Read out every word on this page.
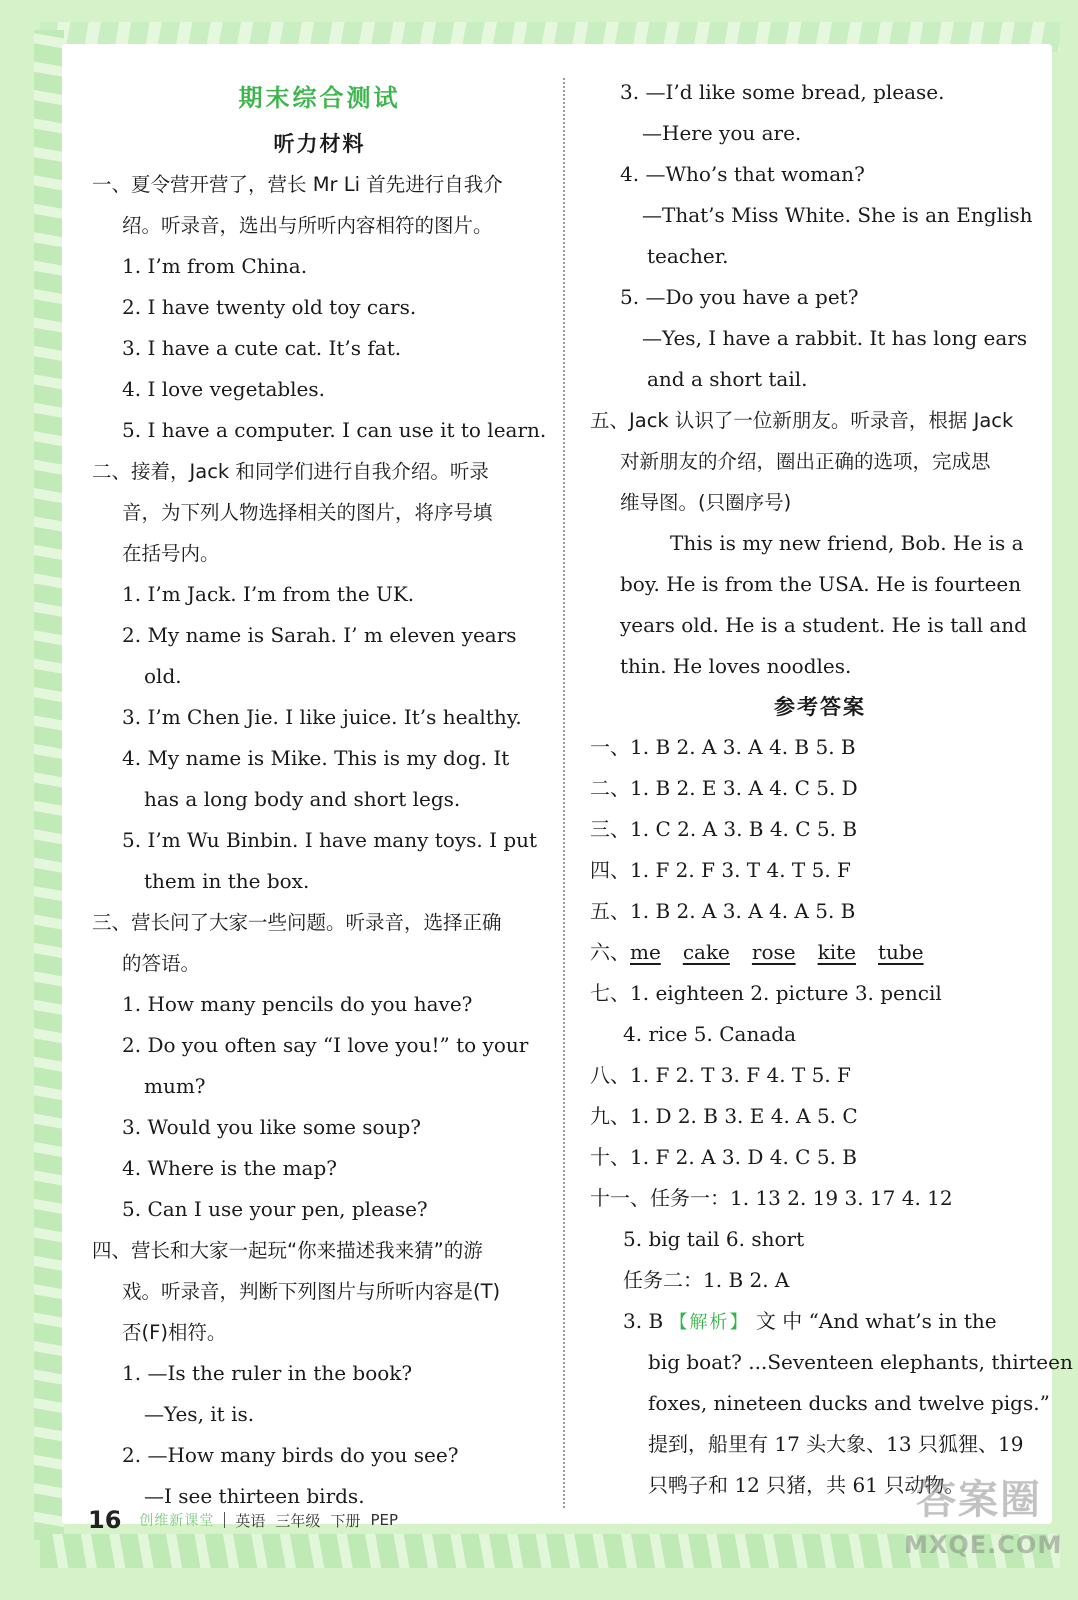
期末综合测试
听力材料
一、夏令营开营了，营长 Mr Li 首先进行自我介
绍。听录音，选出与所听内容相符的图片。
1. I’m from China.
2. I have twenty old toy cars.
3. I have a cute cat. It’s fat.
4. I love vegetables.
5. I have a computer. I can use it to learn.
二、接着，Jack 和同学们进行自我介绍。听录
音，为下列人物选择相关的图片，将序号填
在括号内。
1. I’m Jack. I’m from the UK.
2. My name is Sarah. I’ m eleven years
old.
3. I’m Chen Jie. I like juice. It’s healthy.
4. My name is Mike. This is my dog. It
has a long body and short legs.
5. I’m Wu Binbin. I have many toys. I put
them in the box.
三、营长问了大家一些问题。听录音，选择正确
的答语。
1. How many pencils do you have?
2. Do you often say “I love you!” to your
mum?
3. Would you like some soup?
4. Where is the map?
5. Can I use your pen, please?
四、营长和大家一起玩“你来描述我来猜”的游
戏。听录音，判断下列图片与所听内容是(T)
否(F)相符。
1. —Is the ruler in the book?
—Yes, it is.
2. —How many birds do you see?
—I see thirteen birds.
3. —I’d like some bread, please.
—Here you are.
4. —Who’s that woman?
—That’s Miss White. She is an English
teacher.
5. —Do you have a pet?
—Yes, I have a rabbit. It has long ears
and a short tail.
五、Jack 认识了一位新朋友。听录音，根据 Jack
对新朋友的介绍，圈出正确的选项，完成思
维导图。(只圈序号)
This is my new friend, Bob. He is a
boy. He is from the USA. He is fourteen
years old. He is a student. He is tall and
thin. He loves noodles.
参考答案
一、1. B 2. A 3. A 4. B 5. B
二、1. B 2. E 3. A 4. C 5. D
三、1. C 2. A 3. B 4. C 5. B
四、1. F 2. F 3. T 4. T 5. F
五、1. B 2. A 3. A 4. A 5. B
六、me cake rose kite tube
七、1. eighteen 2. picture 3. pencil
4. rice 5. Canada
八、1. F 2. T 3. F 4. T 5. F
九、1. D 2. B 3. E 4. A 5. C
十、1. F 2. A 3. D 4. C 5. B
十一、任务一：1. 13 2. 19 3. 17 4. 12
5. big tail 6. short
任务二：1. B 2. A
3. B 【解析】 文 中 “And what’s in the
big boat? ...Seventeen elephants, thirteen
foxes, nineteen ducks and twelve pigs.”
提到，船里有 17 头大象、13 只狐狸、19
只鸭子和 12 只猪，共 61 只动物。
16 创维新课堂 英语 三年级 下册 PEP	答案圈
MXQE.COM
